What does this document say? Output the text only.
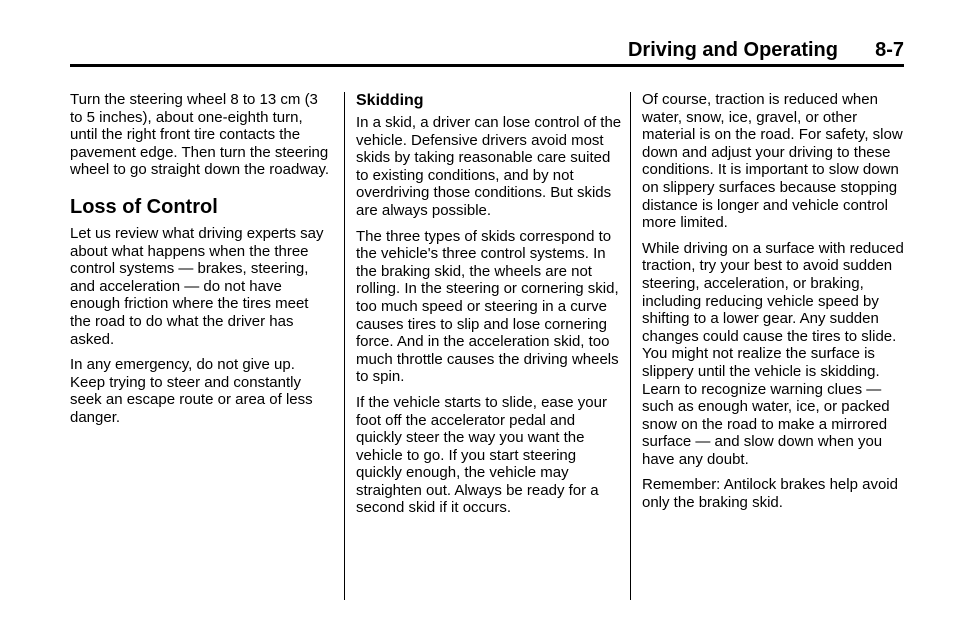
Driving and Operating 8-7

Turn the steering wheel 8 to 13 cm (3 to 5 inches), about one-eighth turn, until the right front tire contacts the pavement edge. Then turn the steering wheel to go straight down the roadway.

Loss of Control

Let us review what driving experts say about what happens when the three control systems — brakes, steering, and acceleration — do not have enough friction where the tires meet the road to do what the driver has asked.

In any emergency, do not give up. Keep trying to steer and constantly seek an escape route or area of less danger.

Skidding

In a skid, a driver can lose control of the vehicle. Defensive drivers avoid most skids by taking reasonable care suited to existing conditions, and by not overdriving those conditions. But skids are always possible.

The three types of skids correspond to the vehicle's three control systems. In the braking skid, the wheels are not rolling. In the steering or cornering skid, too much speed or steering in a curve causes tires to slip and lose cornering force. And in the acceleration skid, too much throttle causes the driving wheels to spin.

If the vehicle starts to slide, ease your foot off the accelerator pedal and quickly steer the way you want the vehicle to go. If you start steering quickly enough, the vehicle may straighten out. Always be ready for a second skid if it occurs.

Of course, traction is reduced when water, snow, ice, gravel, or other material is on the road. For safety, slow down and adjust your driving to these conditions. It is important to slow down on slippery surfaces because stopping distance is longer and vehicle control more limited.

While driving on a surface with reduced traction, try your best to avoid sudden steering, acceleration, or braking, including reducing vehicle speed by shifting to a lower gear. Any sudden changes could cause the tires to slide. You might not realize the surface is slippery until the vehicle is skidding. Learn to recognize warning clues — such as enough water, ice, or packed snow on the road to make a mirrored surface — and slow down when you have any doubt.

Remember: Antilock brakes help avoid only the braking skid.
